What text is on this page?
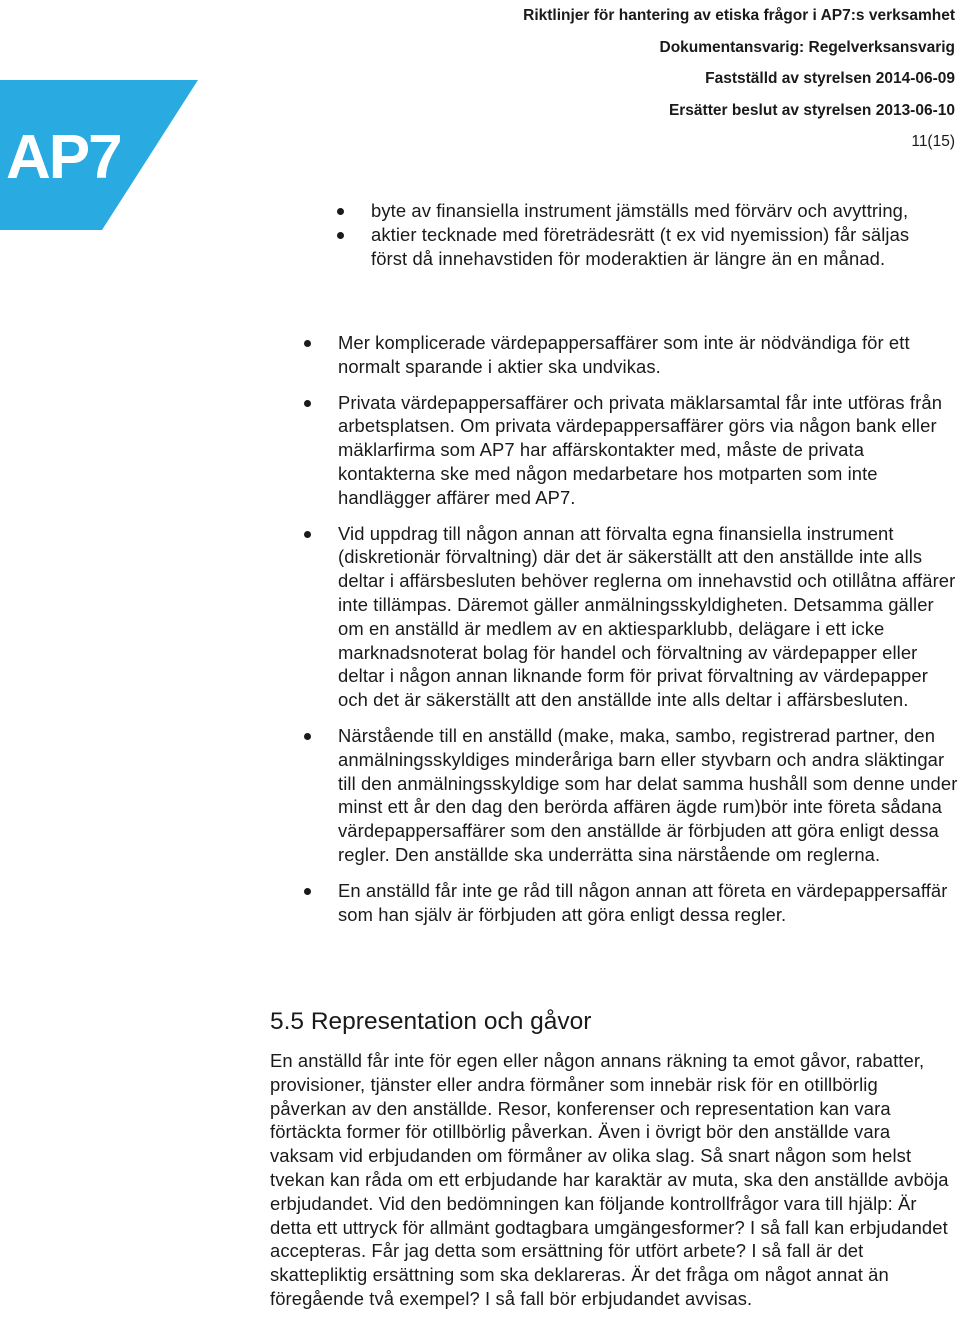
Riktlinjer för hantering av etiska frågor i AP7:s verksamhet
Dokumentansvarig: Regelverksansvarig
Fastställd av styrelsen 2014-06-09
Ersätter beslut av styrelsen 2013-06-10
11(15)
AP7
byte av finansiella instrument jämställs med förvärv och avyttring,
aktier tecknade med företrädesrätt (t ex vid nyemission) får säljas först då innehavstiden för moderaktien är längre än en månad.
Mer komplicerade värdepappersaffärer som inte är nödvändiga för ett normalt sparande i aktier ska undvikas.
Privata värdepappersaffärer och privata mäklarsamtal får inte utföras från arbetsplatsen. Om privata värdepappersaffärer görs via någon bank eller mäklarfirma som AP7 har affärskontakter med, måste de privata kontakterna ske med någon medarbetare hos motparten som inte handlägger affärer med AP7.
Vid uppdrag till någon annan att förvalta egna finansiella instrument (diskretionär förvaltning) där det är säkerställt att den anställde inte alls deltar i affärsbesluten behöver reglerna om innehavstid och otillåtna affärer inte tillämpas. Däremot gäller anmälningsskyldigheten. Detsamma gäller om en anställd är medlem av en aktiesparklubb, delägare i ett icke marknadsnoterat bolag för handel och förvaltning av värdepapper eller deltar i någon annan liknande form för privat förvaltning av värdepapper och det är säkerställt att den anställde inte alls deltar i affärsbesluten.
Närstående till en anställd (make, maka, sambo, registrerad partner, den anmälningsskyldiges minderåriga barn eller styvbarn och andra släktingar till den anmälningsskyldige som har delat samma hushåll som denne under minst ett år den dag den berörda affären ägde rum)bör inte företa sådana värdepappersaffärer som den anställde är förbjuden att göra enligt dessa regler. Den anställde ska underrätta sina närstående om reglerna.
En anställd får inte ge råd till någon annan att företa en värdepappersaffär som han själv är förbjuden att göra enligt dessa regler.
5.5 Representation och gåvor

En anställd får inte för egen eller någon annans räkning ta emot gåvor, rabatter, provisioner, tjänster eller andra förmåner som innebär risk för en otillbörlig påverkan av den anställde. Resor, konferenser och representation kan vara förtäckta former för otillbörlig påverkan. Även i övrigt bör den anställde vara vaksam vid erbjudanden om förmåner av olika slag. Så snart någon som helst tvekan kan råda om ett erbjudande har karaktär av muta, ska den anställde avböja erbjudandet. Vid den bedömningen kan följande kontrollfrågor vara till hjälp: Är detta ett uttryck för allmänt godtagbara umgängesformer? I så fall kan erbjudandet accepteras. Får jag detta som ersättning för utfört arbete? I så fall är det skattepliktig ersättning som ska deklareras. Är det fråga om något annat än föregående två exempel? I så fall bör erbjudandet avvisas.
